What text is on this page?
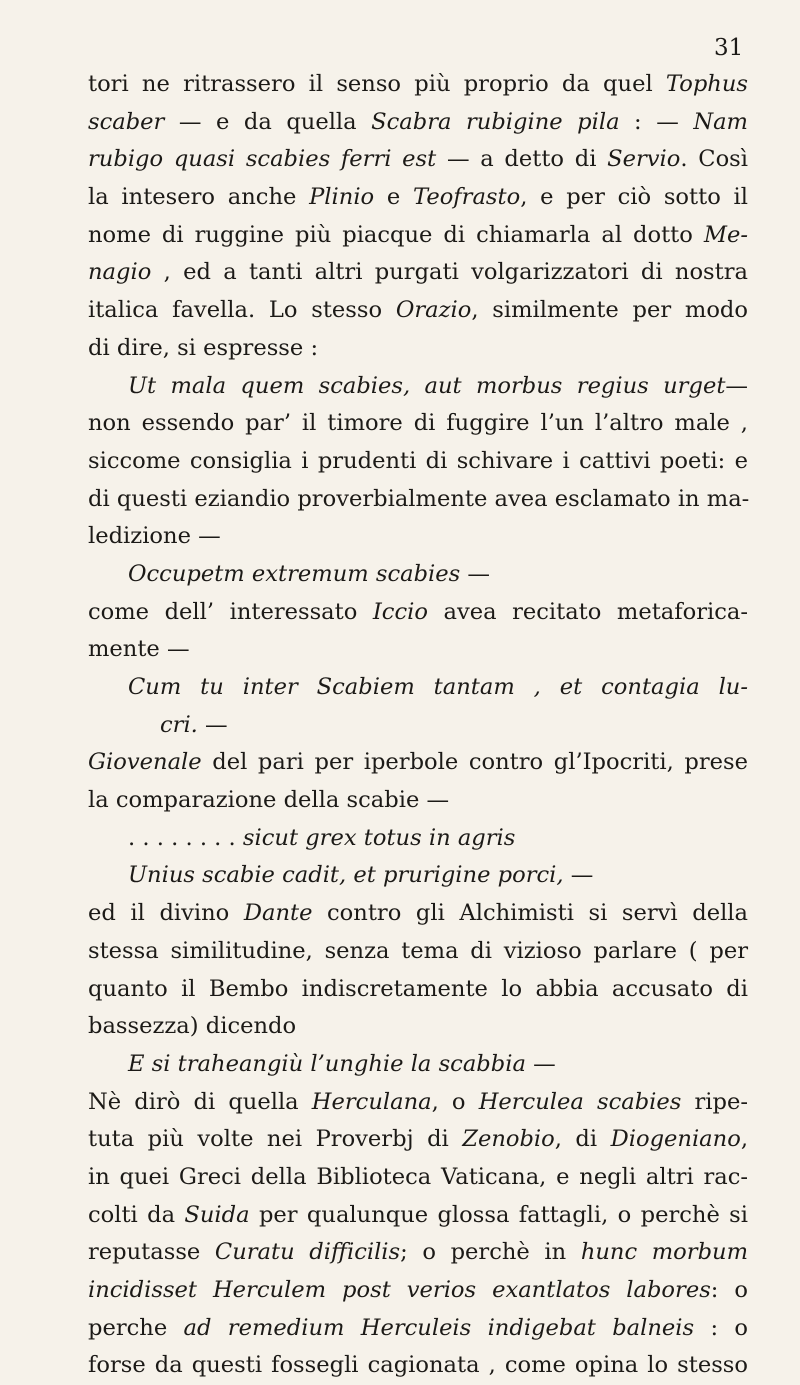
31
tori ne ritrassero il senso più proprio da quel Tophus
scaber — e da quella Scabra rubigine pila : — Nam
rubigo quasi scabies ferri est — a detto di Servio. Così
la intesero anche Plinio e Teofrasto, e per ciò sotto il
nome di ruggine più piacque di chiamarla al dotto Me-
nagio , ed a tanti altri purgati volgarizzatori di nostra
italica favella. Lo stesso Orazio, similmente per modo
di dire, si espresse :
Ut mala quem scabies, aut morbus regius urget—
non essendo par’ il timore di fuggire l’un l’altro male ,
siccome consiglia i prudenti di schivare i cattivi poeti: e
di questi eziandio proverbialmente avea esclamato in ma-
ledizione —
Occupetm extremum scabies —
come dell’ interessato Iccio avea recitato metaforica-
mente —
Cum tu inter Scabiem tantam , et contagia lu-
cri. —
Giovenale del pari per iperbole contro gl’Ipocriti, prese
la comparazione della scabie —
. . . . . . . . sicut grex totus in agris
Unius scabie cadit, et prurigine porci, —
ed il divino Dante contro gli Alchimisti si servì della
stessa similitudine, senza tema di vizioso parlare ( per
quanto il Bembo indiscretamente lo abbia accusato di
bassezza) dicendo
E si traheangiù l’unghie la scabbia —
Nè dirò di quella Herculana, o Herculea scabies ripe-
tuta più volte nei Proverbj di Zenobio, di Diogeniano,
in quei Greci della Biblioteca Vaticana, e negli altri rac-
colti da Suida per qualunque glossa fattagli, o perchè si
reputasse Curatu difficilis; o perchè in hunc morbum
incidisset Herculem post verios exantlatos labores: o
perche ad remedium Herculeis indigebat balneis : o
forse da questi fossegli cagionata , come opina lo stesso
